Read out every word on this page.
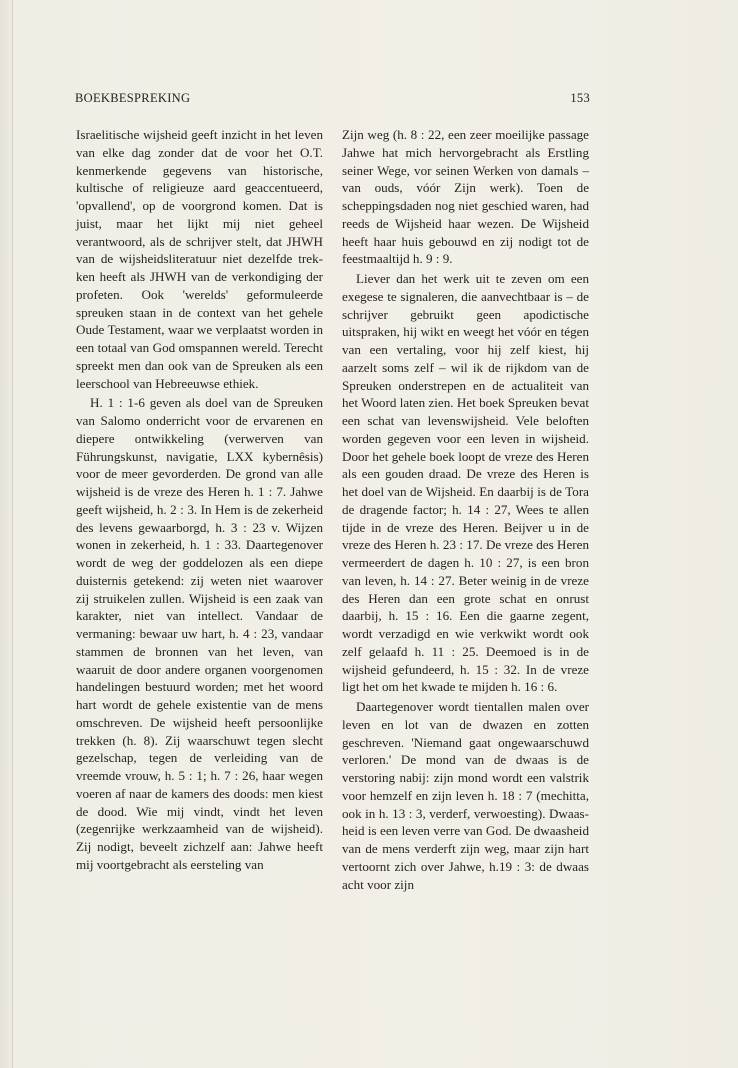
BOEKBESPREKING	153

Israelitische wijsheid geeft inzicht in het leven van elke dag zonder dat de voor het O.T. kenmerkende gegevens van historische, kultische of religieuze aard geaccentueerd, 'opvallend', op de voorgrond komen. Dat is juist, maar het lijkt mij niet geheel verantwoord, als de schrijver stelt, dat JHWH van de wijsheidsliteratuur niet dezelfde trekken heeft als JHWH van de verkondiging der profeten. Ook 'werelds' geformuleerde spreuken staan in de context van het gehele Oude Testament, waar we verplaatst worden in een totaal van God omspannen wereld. Terecht spreekt men dan ook van de Spreuken als een leerschool van Hebreeuwse ethiek.

H. 1 : 1-6 geven als doel van de Spreuken van Salomo onderricht voor de ervarenen en diepere ontwikkeling (verwerven van Führungskunst, navigatie, LXX kybernêsis) voor de meer gevorderden. De grond van alle wijsheid is de vreze des Heren h. 1 : 7. Jahwe geeft wijsheid, h. 2 : 3. In Hem is de zekerheid des levens gewaarborgd, h. 3 : 23 v. Wijzen wonen in zekerheid, h. 1 : 33. Daartegenover wordt de weg der goddelozen als een diepe duisternis getekend: zij weten niet waarover zij struikelen zullen. Wijsheid is een zaak van karakter, niet van intellect. Vandaar de vermaning: bewaar uw hart, h. 4 : 23, vandaar stammen de bronnen van het leven, van waaruit de door andere organen voorgenomen handelingen bestuurd worden; met het woord hart wordt de gehele existentie van de mens omschreven. De wijsheid heeft persoonlijke trekken (h. 8). Zij waarschuwt tegen slecht gezelschap, tegen de verleiding van de vreemde vrouw, h. 5 : 1; h. 7 : 26, haar wegen voeren af naar de kamers des doods: men kiest de dood. Wie mij vindt, vindt het leven (zegenrijke werkzaamheid van de wijsheid). Zij nodigt, beveelt zichzelf aan: Jahwe heeft mij voortgebracht als eersteling van

Zijn weg (h. 8 : 22, een zeer moeilijke passage Jahwe hat mich hervorgebracht als Erstling seiner Wege, vor seinen Werken von damals – van ouds, vóór Zijn werk). Toen de scheppingsdaden nog niet geschied waren, had reeds de Wijsheid haar wezen. De Wijsheid heeft haar huis gebouwd en zij nodigt tot de feestmaaltijd h. 9 : 9.

Liever dan het werk uit te zeven om een exegese te signaleren, die aanvechtbaar is – de schrijver gebruikt geen apodictische uitspraken, hij wikt en weegt het vóór en tégen van een vertaling, voor hij zelf kiest, hij aarzelt soms zelf – wil ik de rijkdom van de Spreuken onderstrepen en de actualiteit van het Woord laten zien. Het boek Spreuken bevat een schat van levenswijsheid. Vele beloften worden gegeven voor een leven in wijsheid. Door het gehele boek loopt de vreze des Heren als een gouden draad. De vreze des Heren is het doel van de Wijsheid. En daarbij is de Tora de dragende factor; h. 14 : 27, Wees te allen tijde in de vreze des Heren. Beijver u in de vreze des Heren h. 23 : 17. De vreze des Heren vermeerdert de dagen h. 10 : 27, is een bron van leven, h. 14 : 27. Beter weinig in de vreze des Heren dan een grote schat en onrust daarbij, h. 15 : 16. Een die gaarne zegent, wordt verzadigd en wie verkwikt wordt ook zelf gelaafd h. 11 : 25. Deemoed is in de wijsheid gefundeerd, h. 15 : 32. In de vreze ligt het om het kwade te mijden h. 16 : 6.

Daartegenover wordt tientallen malen over leven en lot van de dwazen en zotten geschreven. 'Niemand gaat ongewaarschuwd verloren.' De mond van de dwaas is de verstoring nabij: zijn mond wordt een valstrik voor hemzelf en zijn leven h. 18 : 7 (mechitta, ook in h. 13 : 3, verderf, verwoesting). Dwaasheid is een leven verre van God. De dwaasheid van de mens verderft zijn weg, maar zijn hart vertoornt zich over Jahwe, h.19 : 3: de dwaas acht voor zijn
